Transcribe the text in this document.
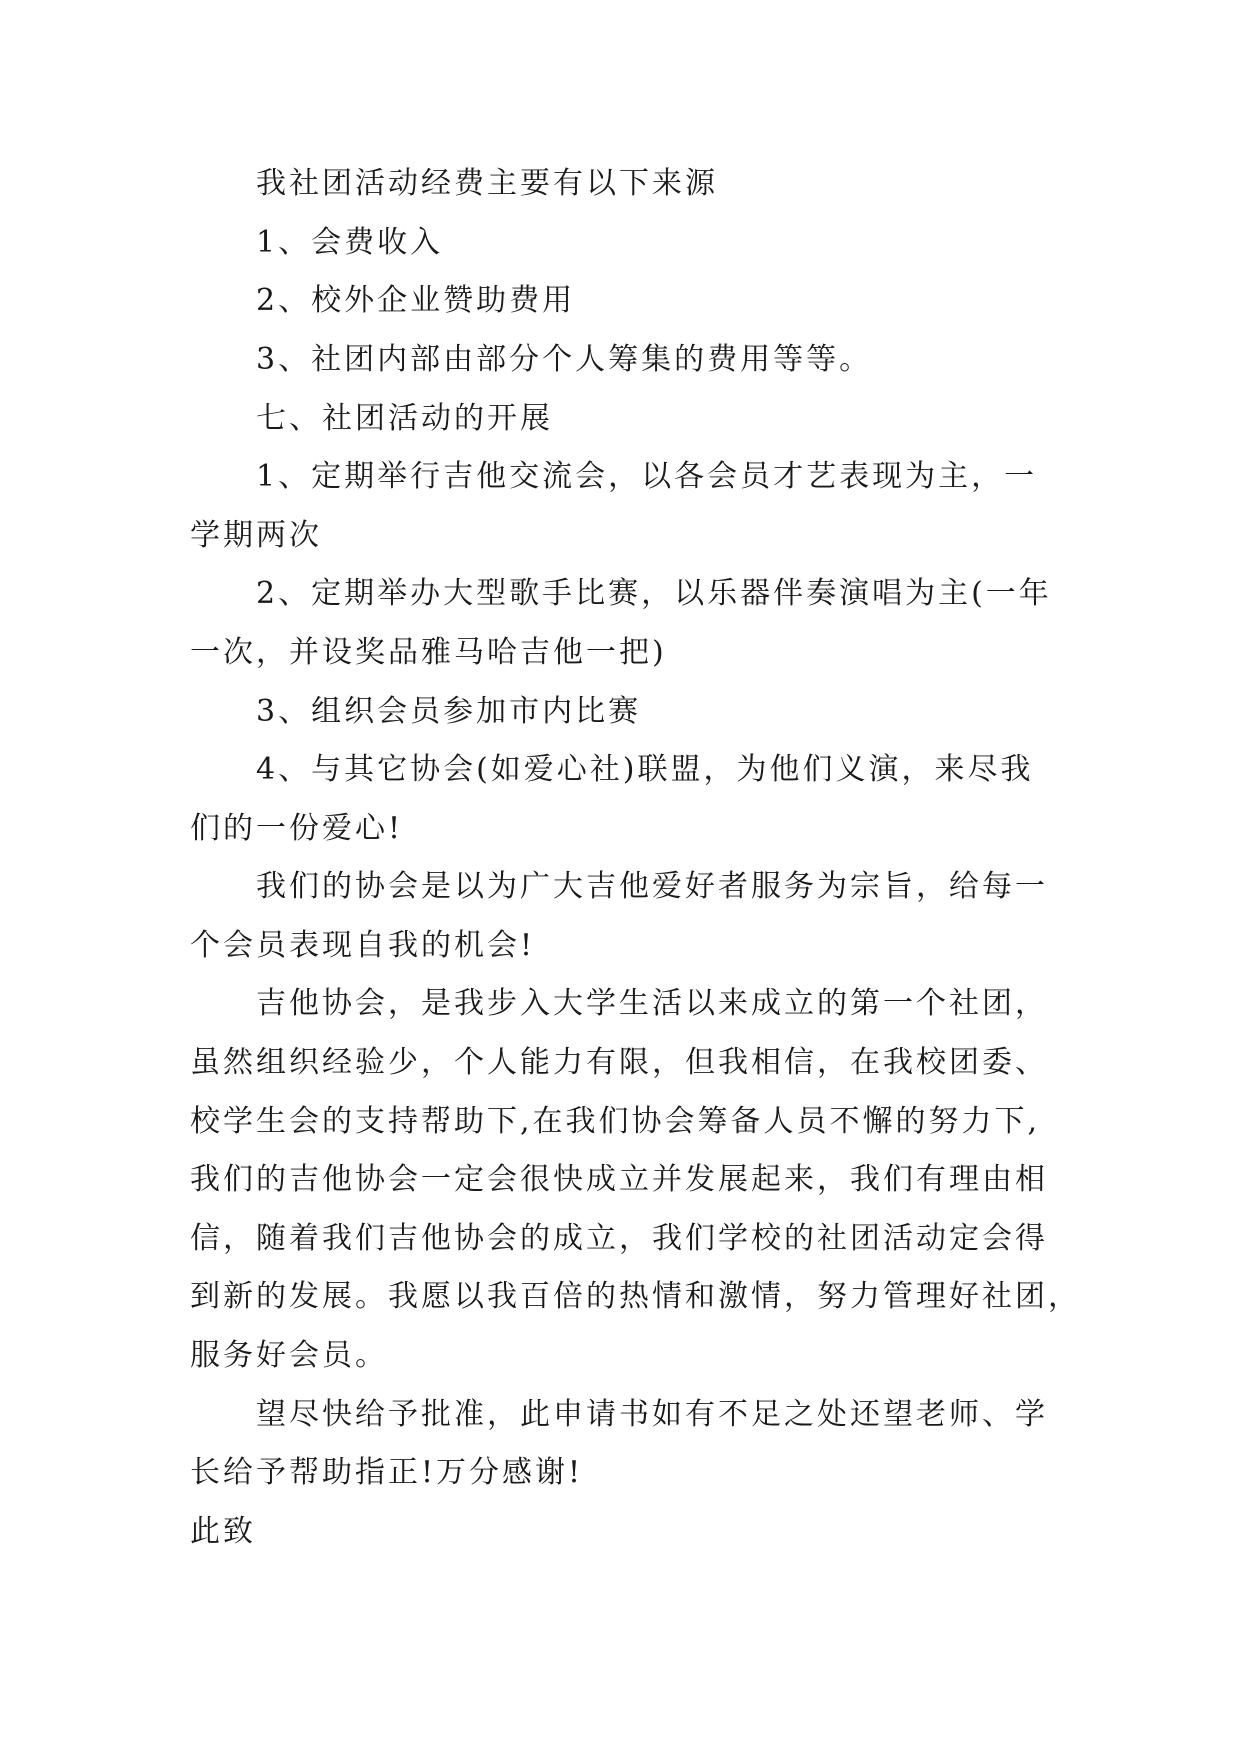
我社团活动经费主要有以下来源
1、会费收入
2、校外企业赞助费用
3、社团内部由部分个人筹集的费用等等。
七、社团活动的开展
1、定期举行吉他交流会，以各会员才艺表现为主，一
学期两次
2、定期举办大型歌手比赛，以乐器伴奏演唱为主(一年
一次，并设奖品雅马哈吉他一把)
3、组织会员参加市内比赛
4、与其它协会(如爱心社)联盟，为他们义演，来尽我
们的一份爱心!
我们的协会是以为广大吉他爱好者服务为宗旨，给每一
个会员表现自我的机会!
吉他协会，是我步入大学生活以来成立的第一个社团，
虽然组织经验少，个人能力有限，但我相信，在我校团委、
校学生会的支持帮助下,在我们协会筹备人员不懈的努力下,
我们的吉他协会一定会很快成立并发展起来，我们有理由相
信，随着我们吉他协会的成立，我们学校的社团活动定会得
到新的发展。我愿以我百倍的热情和激情，努力管理好社团，
服务好会员。
望尽快给予批准，此申请书如有不足之处还望老师、学
长给予帮助指正!万分感谢!
此致
